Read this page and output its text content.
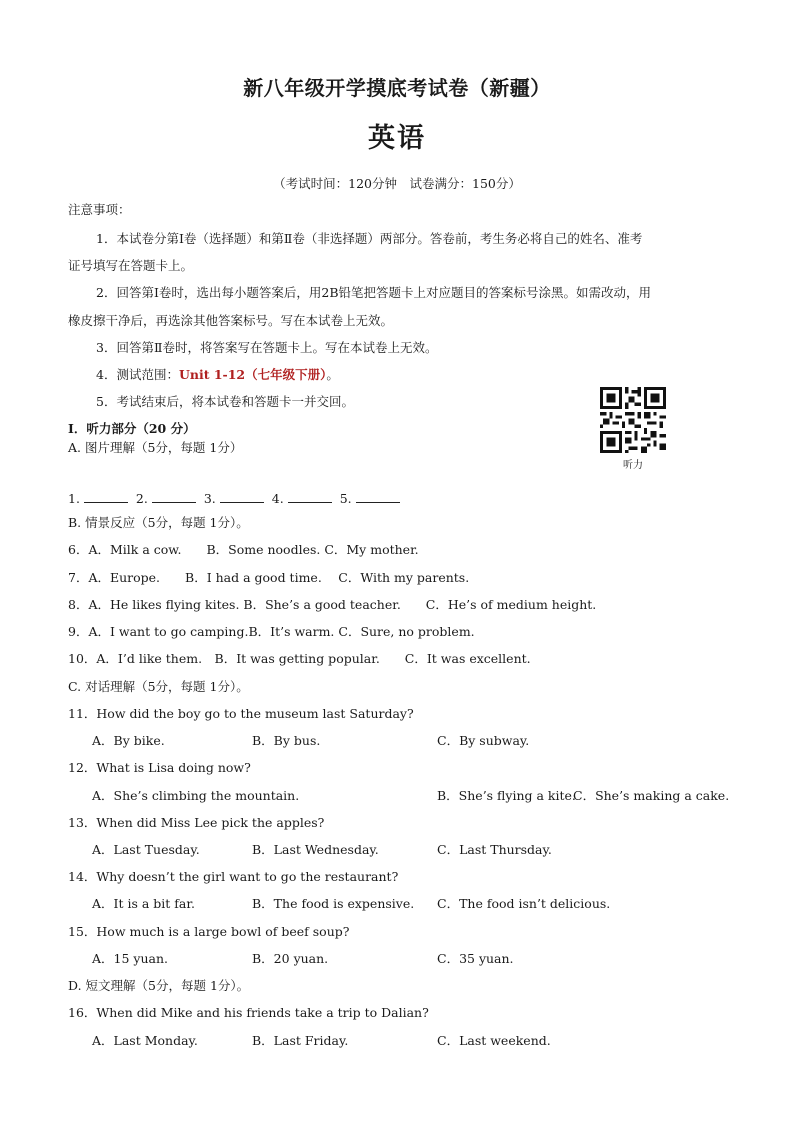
新八年级开学摸底考试卷（新疆）
英语
（考试时间：120分钟　试卷满分：150分）
注意事项：
1．本试卷分第Ⅰ卷（选择题）和第Ⅱ卷（非选择题）两部分。答卷前，考生务必将自己的姓名、准考
证号填写在答题卡上。
2．回答第Ⅰ卷时，选出每小题答案后，用2B铅笔把答题卡上对应题目的答案标号涂黑。如需改动，用
橡皮擦干净后，再选涂其他答案标号。写在本试卷上无效。
3．回答第Ⅱ卷时，将答案写在答题卡上。写在本试卷上无效。
4．测试范围：Unit 1-12（七年级下册）。
5．考试结束后，将本试卷和答题卡一并交回。
听力
Ⅰ．听力部分（20 分）
A. 图片理解（5分，每题 1分）
1.	2.	3.	4.	5.
B. 情景反应（5分，每题 1分）。
6．A．Milk a cow.　　B．Some noodles. C．My mother.
7．A．Europe.　　B．I had a good time.　 C．With my parents.
8．A．He likes flying kites. B．She’s a good teacher.　　C．He’s of medium height.
9．A．I want to go camping.B．It’s warm. C．Sure, no problem.
10．A．I’d like them.　B．It was getting popular.　　C．It was excellent.
C. 对话理解（5分，每题 1分）。
11．How did the boy go to the museum last Saturday?
A．By bike.	B．By bus.	C．By subway.
12．What is Lisa doing now?
A．She’s climbing the mountain.	B．She’s flying a kite.
C．She’s making a cake.
13．When did Miss Lee pick the apples?
A．Last Tuesday.	B．Last Wednesday.	C．Last Thursday.
14．Why doesn’t the girl want to go the restaurant?
A．It is a bit far.	B．The food is expensive. C．The food isn’t delicious.
15．How much is a large bowl of beef soup?
A．15 yuan.	B．20 yuan.	C．35 yuan.
D. 短文理解（5分，每题 1分）。
16．When did Mike and his friends take a trip to Dalian?
A．Last Monday.	B．Last Friday.	C．Last weekend.
